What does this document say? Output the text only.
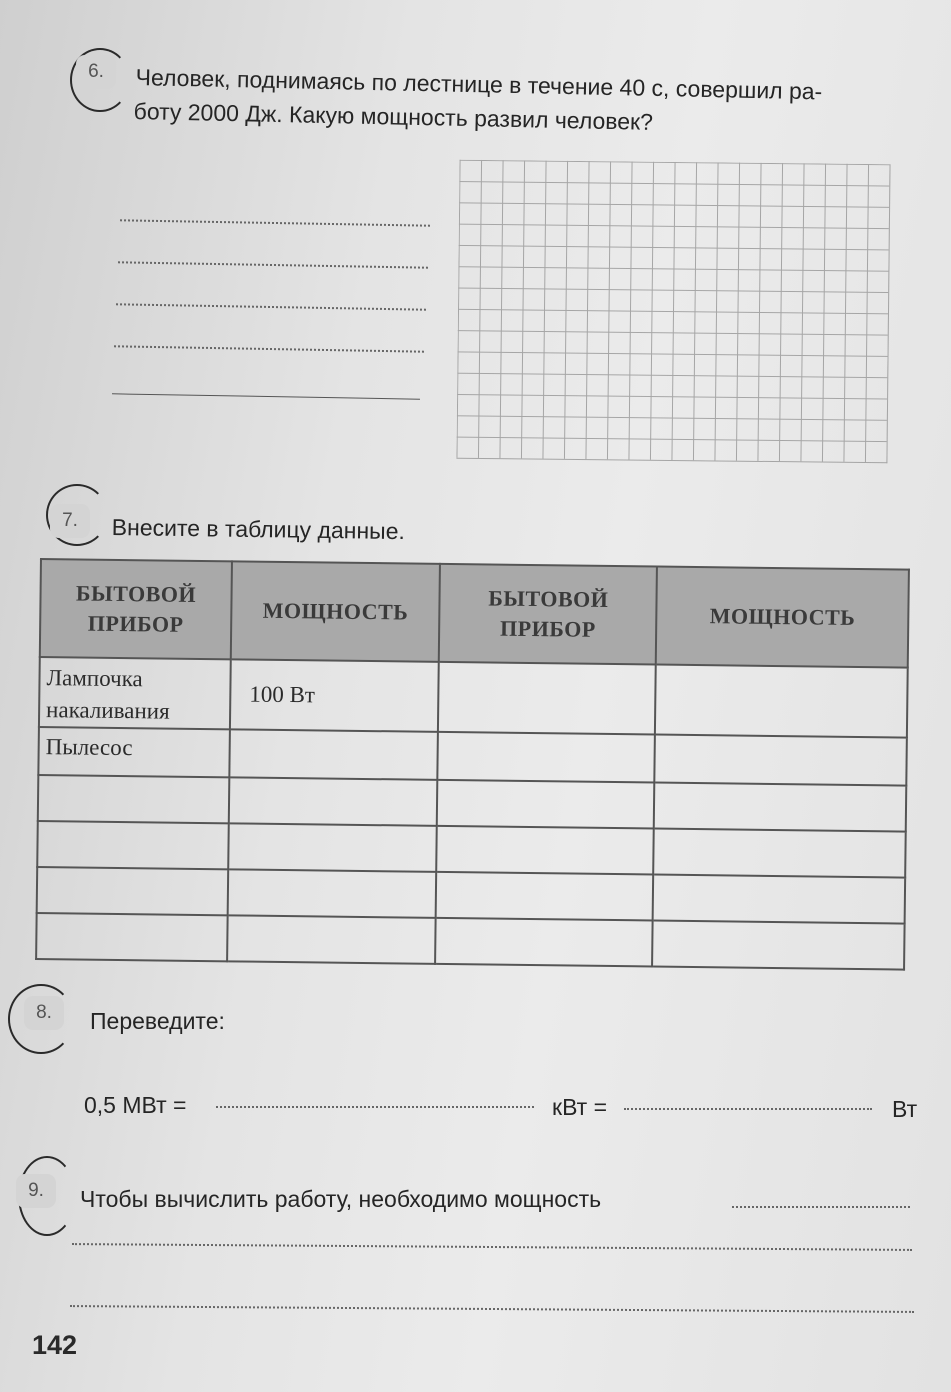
6.	Человек, поднимаясь по лестнице в течение 40 с, совершил ра-
боту 2000 Дж. Какую мощность развил человек?
7.	Внесите в таблицу данные.
БЫТОВОЙ ПРИБОР	МОЩНОСТЬ	БЫТОВОЙ ПРИБОР	МОЩНОСТЬ
Лампочка накаливания	100 Вт		
Пылесос			

8.	Переведите:
0,5 МВт =	кВт =	Вт
9.	Чтобы вычислить работу, необходимо мощность
142
